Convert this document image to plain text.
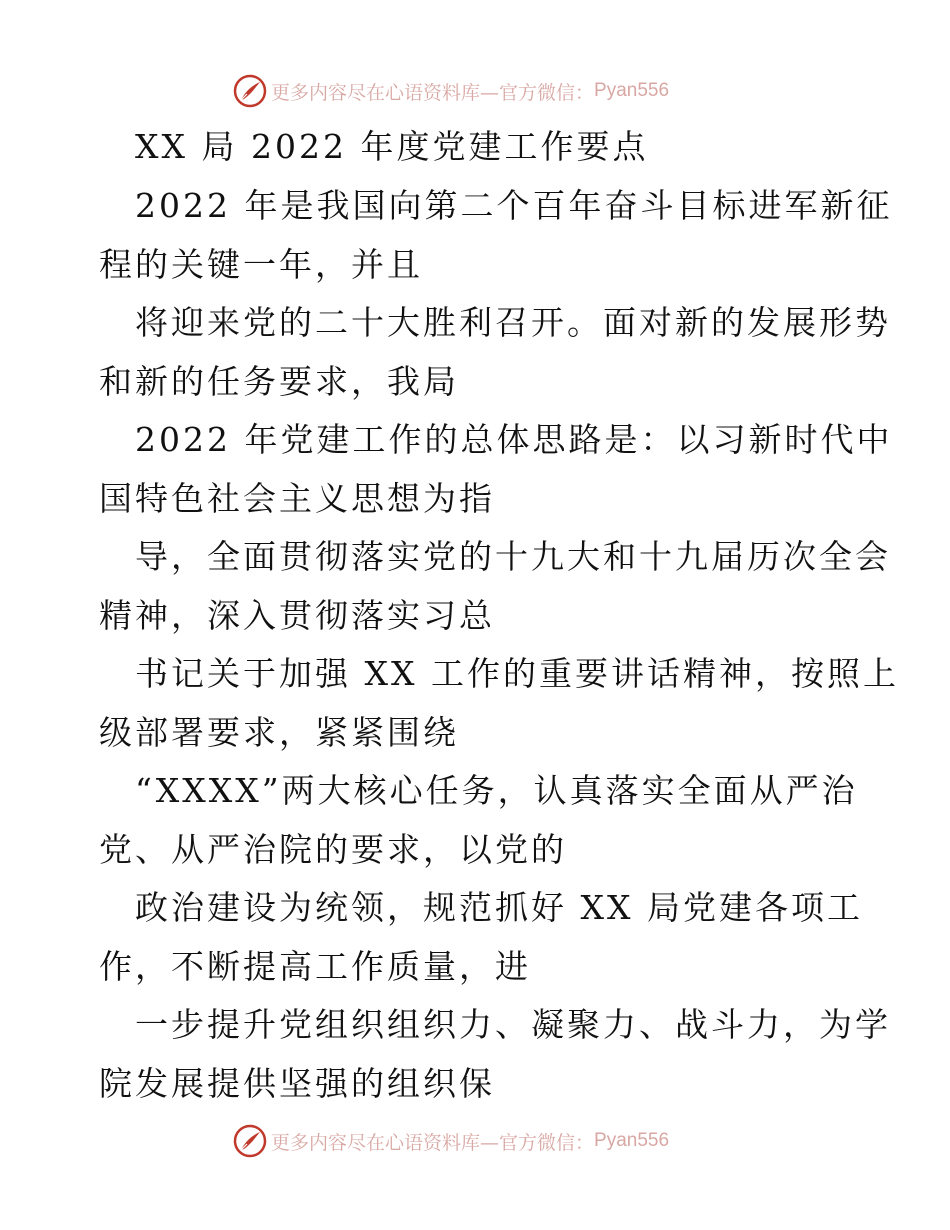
更多内容尽在心语资料库—官方微信： Pyan556
XX 局 2022 年度党建工作要点
2022 年是我国向第二个百年奋斗目标进军新征
程的关键一年，并且
将迎来党的二十大胜利召开。面对新的发展形势
和新的任务要求，我局
2022 年党建工作的总体思路是：以习新时代中
国特色社会主义思想为指
导，全面贯彻落实党的十九大和十九届历次全会
精神，深入贯彻落实习总
书记关于加强 XX 工作的重要讲话精神，按照上
级部署要求，紧紧围绕
“XXXX”两大核心任务，认真落实全面从严治
党、从严治院的要求，以党的
政治建设为统领，规范抓好 XX 局党建各项工
作，不断提高工作质量，进
一步提升党组织组织力、凝聚力、战斗力，为学
院发展提供坚强的组织保
更多内容尽在心语资料库—官方微信： Pyan556
